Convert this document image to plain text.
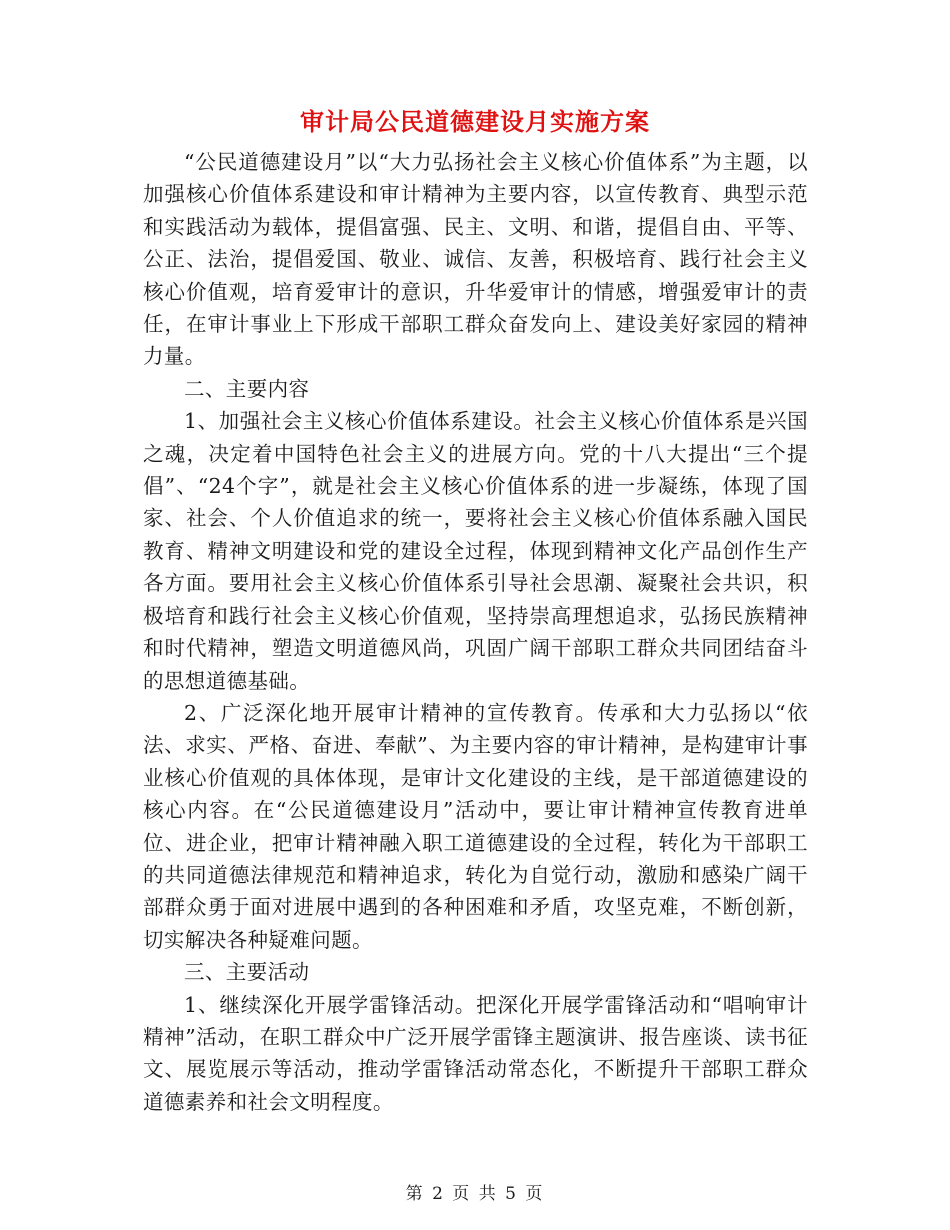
审计局公民道德建设月实施方案

“公民道德建设月”以“大力弘扬社会主义核心价值体系”为主题，以加强核心价值体系建设和审计精神为主要内容，以宣传教育、典型示范和实践活动为载体，提倡富强、民主、文明、和谐，提倡自由、平等、公正、法治，提倡爱国、敬业、诚信、友善，积极培育、践行社会主义核心价值观，培育爱审计的意识，升华爱审计的情感，增强爱审计的责任，在审计事业上下形成干部职工群众奋发向上、建设美好家园的精神力量。

二、主要内容

1、加强社会主义核心价值体系建设。社会主义核心价值体系是兴国之魂，决定着中国特色社会主义的进展方向。党的十八大提出“三个提倡”、“24个字”，就是社会主义核心价值体系的进一步凝练，体现了国家、社会、个人价值追求的统一，要将社会主义核心价值体系融入国民教育、精神文明建设和党的建设全过程，体现到精神文化产品创作生产各方面。要用社会主义核心价值体系引导社会思潮、凝聚社会共识，积极培育和践行社会主义核心价值观，坚持崇高理想追求，弘扬民族精神和时代精神，塑造文明道德风尚，巩固广阔干部职工群众共同团结奋斗的思想道德基础。

2、广泛深化地开展审计精神的宣传教育。传承和大力弘扬以“依法、求实、严格、奋进、奉献”、为主要内容的审计精神，是构建审计事业核心价值观的具体体现，是审计文化建设的主线，是干部道德建设的核心内容。在“公民道德建设月”活动中，要让审计精神宣传教育进单位、进企业，把审计精神融入职工道德建设的全过程，转化为干部职工的共同道德法律规范和精神追求，转化为自觉行动，激励和感染广阔干部群众勇于面对进展中遇到的各种困难和矛盾，攻坚克难，不断创新，切实解决各种疑难问题。

三、主要活动

1、继续深化开展学雷锋活动。把深化开展学雷锋活动和“唱响审计精神”活动，在职工群众中广泛开展学雷锋主题演讲、报告座谈、读书征文、展览展示等活动，推动学雷锋活动常态化，不断提升干部职工群众道德素养和社会文明程度。

第 2 页 共 5 页
